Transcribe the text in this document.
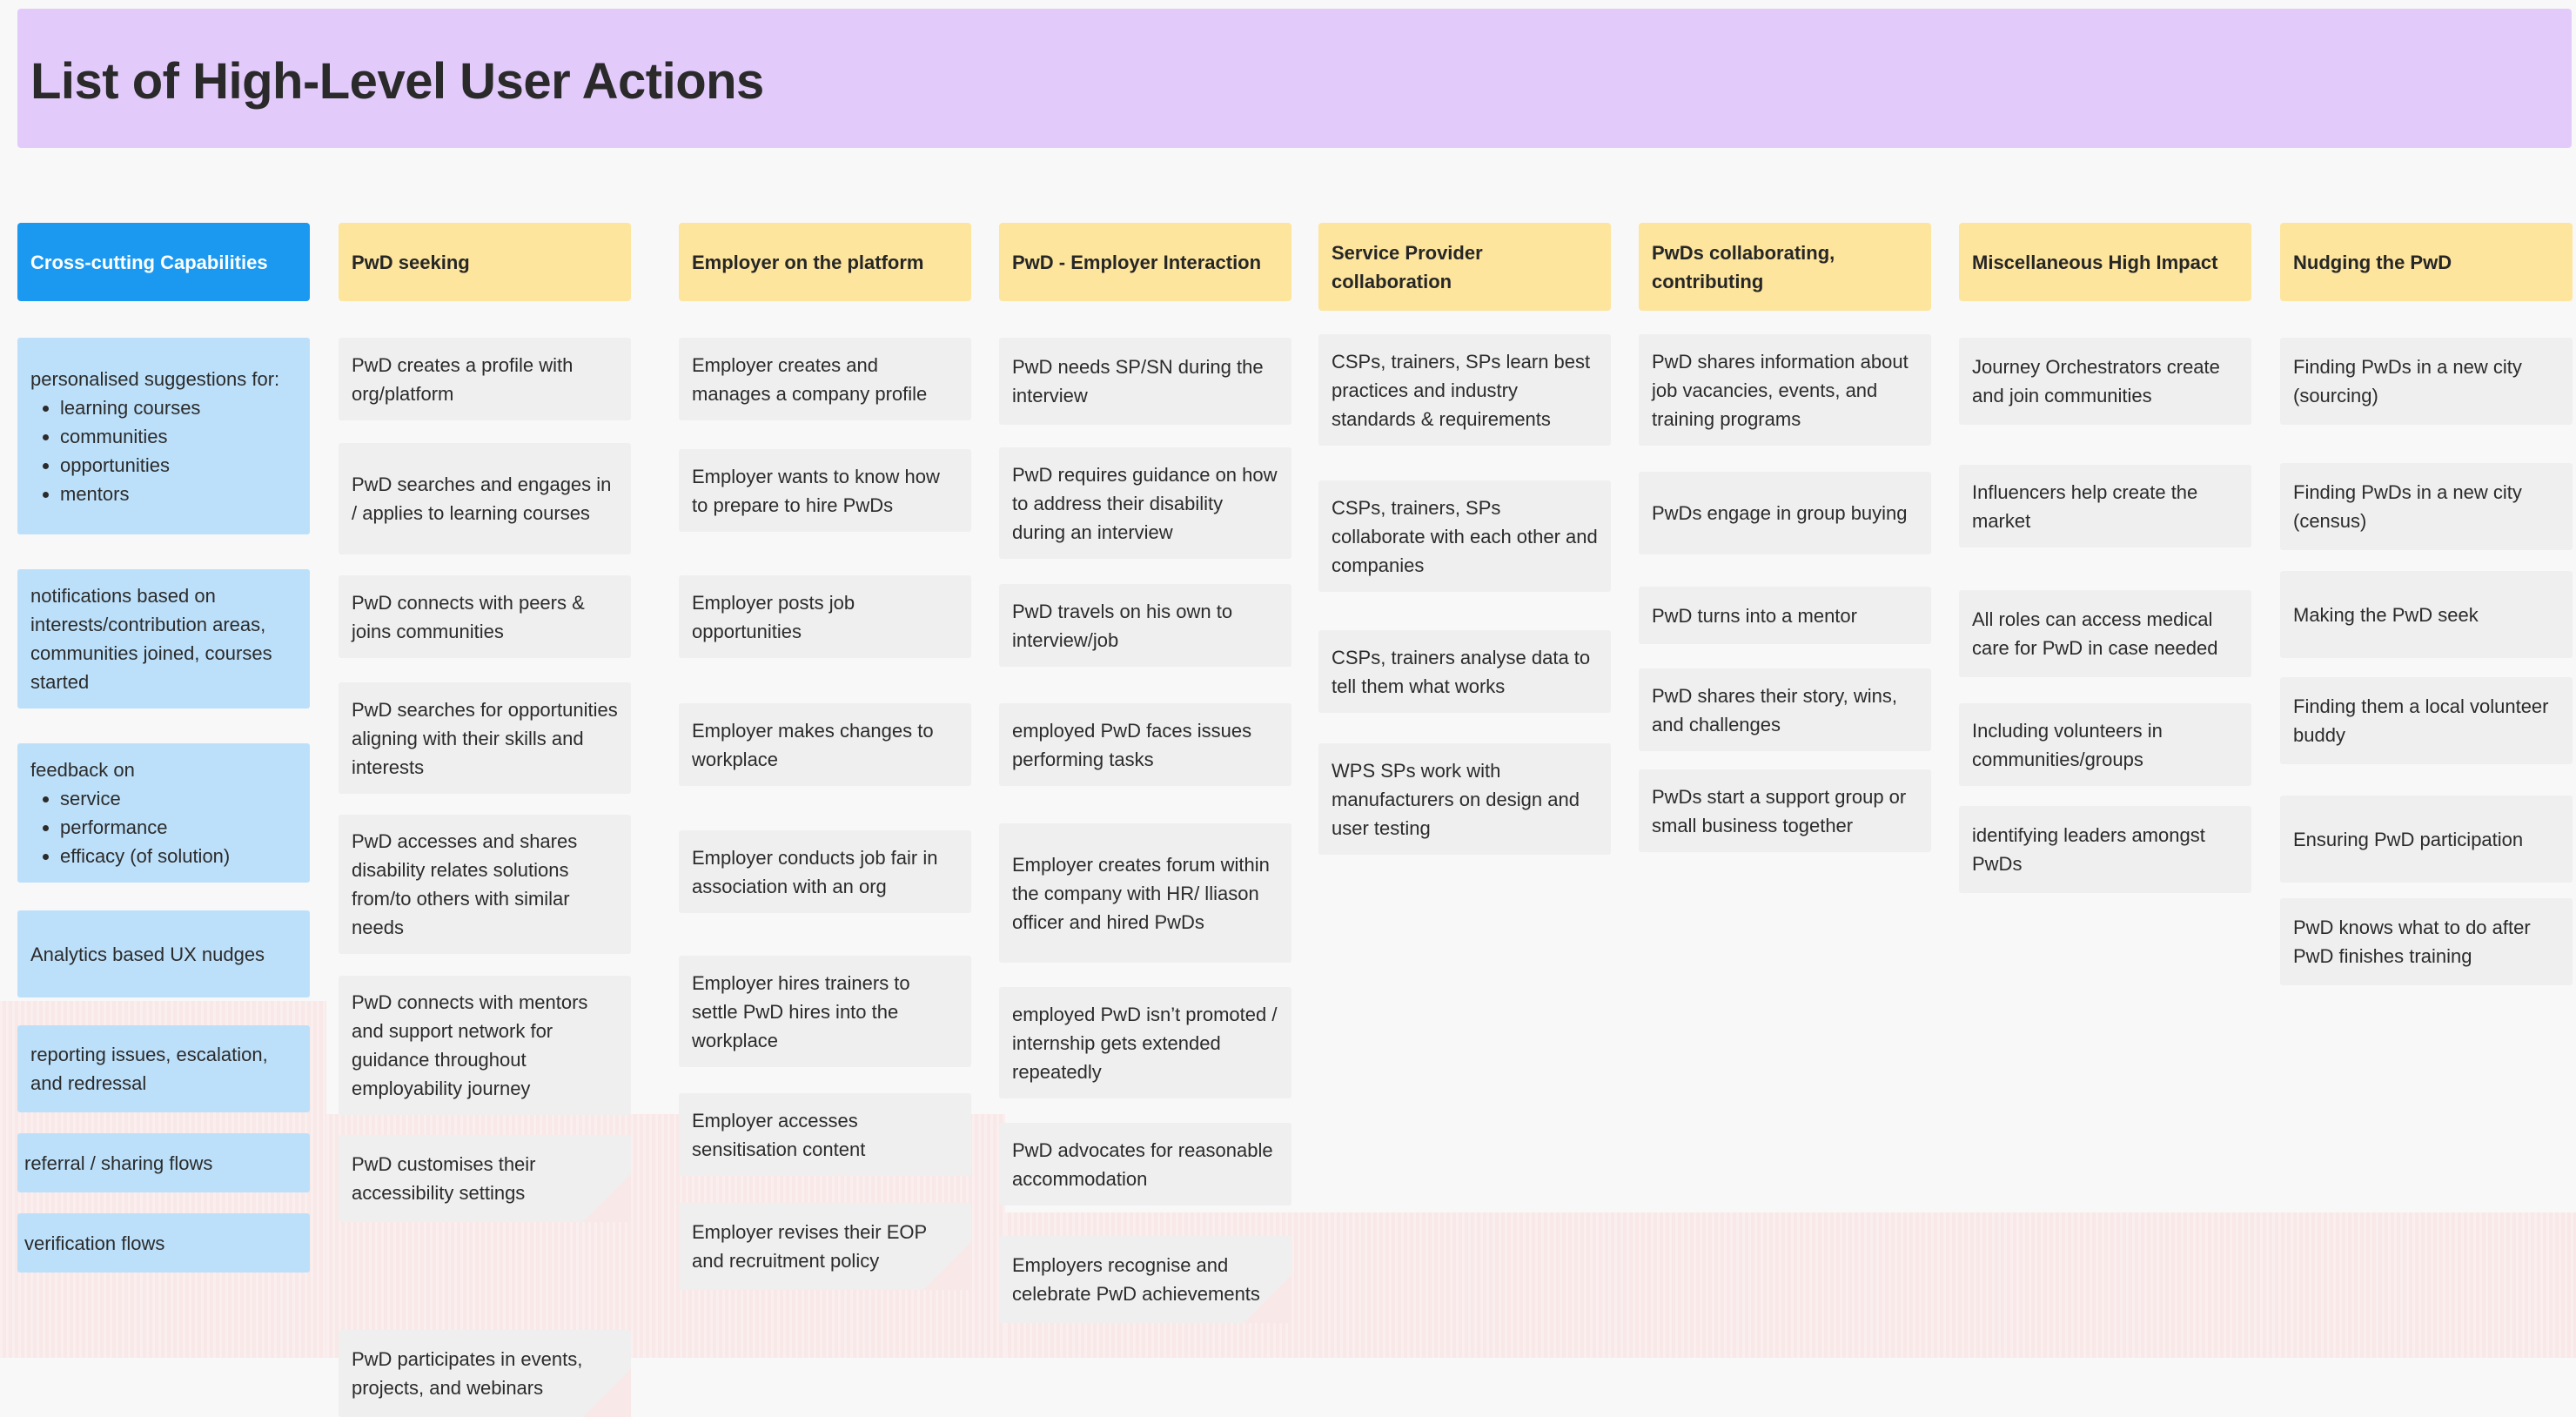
List of High-Level User Actions
Cross-cutting Capabilities
personalised suggestions for:
• learning courses
• communities
• opportunities
• mentors
notifications based on interests/contribution areas, communities joined, courses started
feedback on
• service
• performance
• efficacy (of solution)
Analytics based UX nudges
reporting issues, escalation, and redressal
referral / sharing flows
verification flows
PwD seeking
PwD creates a profile with org/platform
PwD searches and engages in / applies to learning courses
PwD connects with peers & joins communities
PwD searches for opportunities aligning with their skills and interests
PwD accesses and shares disability relates solutions from/to others with similar needs
PwD connects with mentors and support network for guidance throughout employability journey
PwD customises their accessibility settings
PwD participates in events, projects, and webinars
Employer on the platform
Employer creates and manages a company profile
Employer wants to know how to prepare to hire PwDs
Employer posts job opportunities
Employer makes changes to workplace
Employer conducts job fair in association with an org
Employer hires trainers to settle PwD hires into the workplace
Employer accesses sensitisation content
Employer revises their EOP and recruitment policy
PwD - Employer Interaction
PwD needs SP/SN during the interview
PwD requires guidance on how to address their disability during an interview
PwD travels on his own to interview/job
employed PwD faces issues performing tasks
Employer creates forum within the company with HR/ lliason officer and hired PwDs
employed PwD isn’t promoted / internship gets extended repeatedly
PwD advocates for reasonable accommodation
Employers recognise and celebrate PwD achievements
Service Provider collaboration
CSPs, trainers, SPs learn best practices and industry standards & requirements
CSPs, trainers, SPs collaborate with each other and companies
CSPs, trainers analyse data to tell them what works
WPS SPs work with manufacturers on design and user testing
PwDs collaborating, contributing
PwD shares information about job vacancies, events, and training programs
PwDs engage in group buying
PwD turns into a mentor
PwD shares their story, wins, and challenges
PwDs start a support group or small business together
Miscellaneous High Impact
Journey Orchestrators create and join communities
Influencers help create the market
All roles can access medical care for PwD in case needed
Including volunteers in communities/groups
identifying leaders amongst PwDs
Nudging the PwD
Finding PwDs in a new city (sourcing)
Finding PwDs in a new city (census)
Making the PwD seek
Finding them a local volunteer buddy
Ensuring PwD participation
PwD knows what to do after PwD finishes training
